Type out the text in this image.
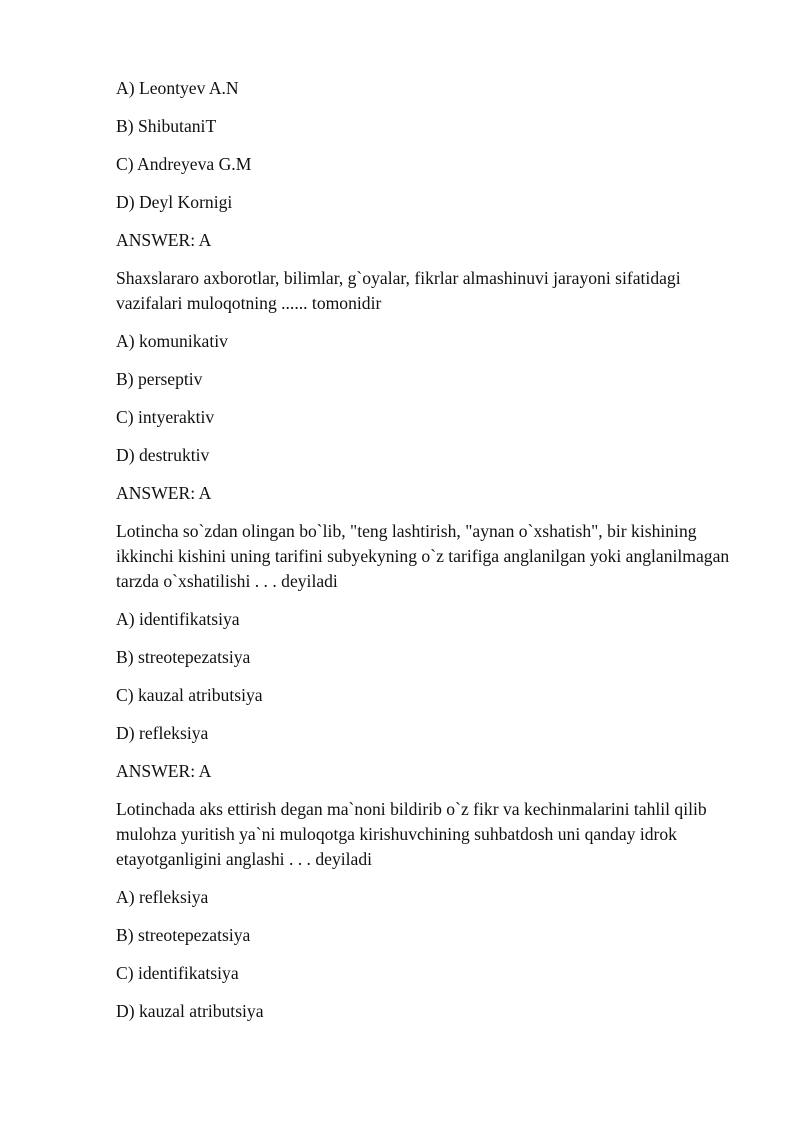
A) Leontyev A.N

B) ShibutaniT

C) Andreyeva G.M

D) Deyl Kornigi

ANSWER: A

Shaxslararo axborotlar, bilimlar, g`oyalar, fikrlar almashinuvi jarayoni sifatidagi vazifalari muloqotning ...... tomonidir

A) komunikativ

B) perseptiv

C) intyeraktiv

D) destruktiv

ANSWER: A

Lotincha so`zdan olingan bo`lib, "teng lashtirish, "aynan o`xshatish", bir kishining ikkinchi kishini uning tarifini subyekyning o`z tarifiga anglanilgan yoki anglanilmagan tarzda o`xshatilishi . . . deyiladi

A) identifikatsiya

B) streotepezatsiya

C) kauzal atributsiya

D) refleksiya

ANSWER: A

Lotinchada aks ettirish degan ma`noni bildirib o`z fikr va kechinmalarini tahlil qilib mulohza yuritish ya`ni muloqotga kirishuvchining suhbatdosh uni qanday idrok etayotganligini anglashi . . . deyiladi

A) refleksiya

B) streotepezatsiya

C) identifikatsiya

D) kauzal atributsiya
